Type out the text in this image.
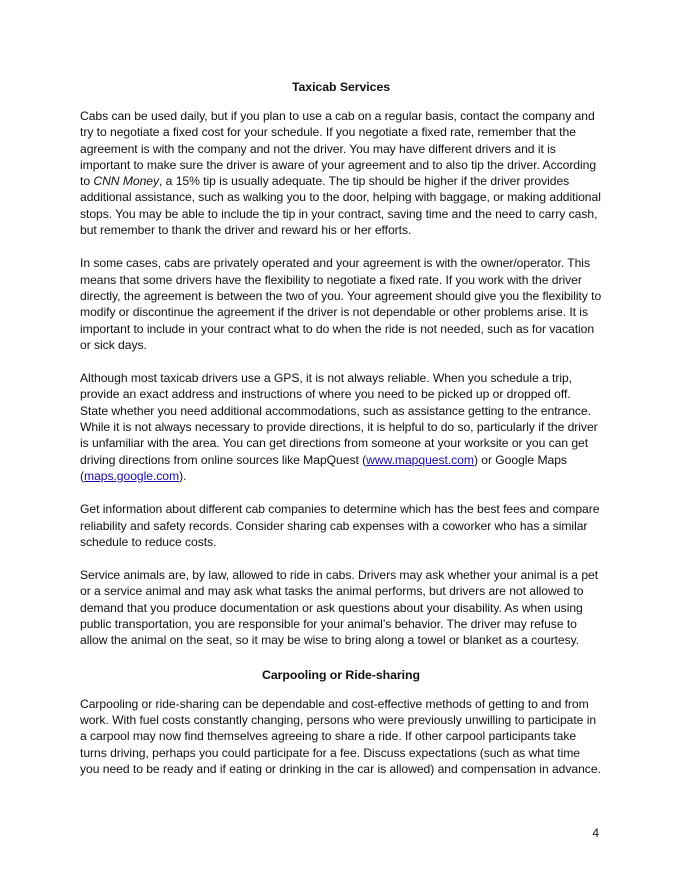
Taxicab Services

Cabs can be used daily, but if you plan to use a cab on a regular basis, contact the company and try to negotiate a fixed cost for your schedule. If you negotiate a fixed rate, remember that the agreement is with the company and not the driver. You may have different drivers and it is important to make sure the driver is aware of your agreement and to also tip the driver. According to CNN Money, a 15% tip is usually adequate. The tip should be higher if the driver provides additional assistance, such as walking you to the door, helping with baggage, or making additional stops. You may be able to include the tip in your contract, saving time and the need to carry cash, but remember to thank the driver and reward his or her efforts.

In some cases, cabs are privately operated and your agreement is with the owner/operator. This means that some drivers have the flexibility to negotiate a fixed rate. If you work with the driver directly, the agreement is between the two of you. Your agreement should give you the flexibility to modify or discontinue the agreement if the driver is not dependable or other problems arise. It is important to include in your contract what to do when the ride is not needed, such as for vacation or sick days.

Although most taxicab drivers use a GPS, it is not always reliable. When you schedule a trip, provide an exact address and instructions of where you need to be picked up or dropped off. State whether you need additional accommodations, such as assistance getting to the entrance. While it is not always necessary to provide directions, it is helpful to do so, particularly if the driver is unfamiliar with the area. You can get directions from someone at your worksite or you can get driving directions from online sources like MapQuest (www.mapquest.com) or Google Maps (maps.google.com).

Get information about different cab companies to determine which has the best fees and compare reliability and safety records. Consider sharing cab expenses with a coworker who has a similar schedule to reduce costs.

Service animals are, by law, allowed to ride in cabs. Drivers may ask whether your animal is a pet or a service animal and may ask what tasks the animal performs, but drivers are not allowed to demand that you produce documentation or ask questions about your disability. As when using public transportation, you are responsible for your animal’s behavior. The driver may refuse to allow the animal on the seat, so it may be wise to bring along a towel or blanket as a courtesy.

Carpooling or Ride-sharing

Carpooling or ride-sharing can be dependable and cost-effective methods of getting to and from work. With fuel costs constantly changing, persons who were previously unwilling to participate in a carpool may now find themselves agreeing to share a ride. If other carpool participants take turns driving, perhaps you could participate for a fee. Discuss expectations (such as what time you need to be ready and if eating or drinking in the car is allowed) and compensation in advance.

4
